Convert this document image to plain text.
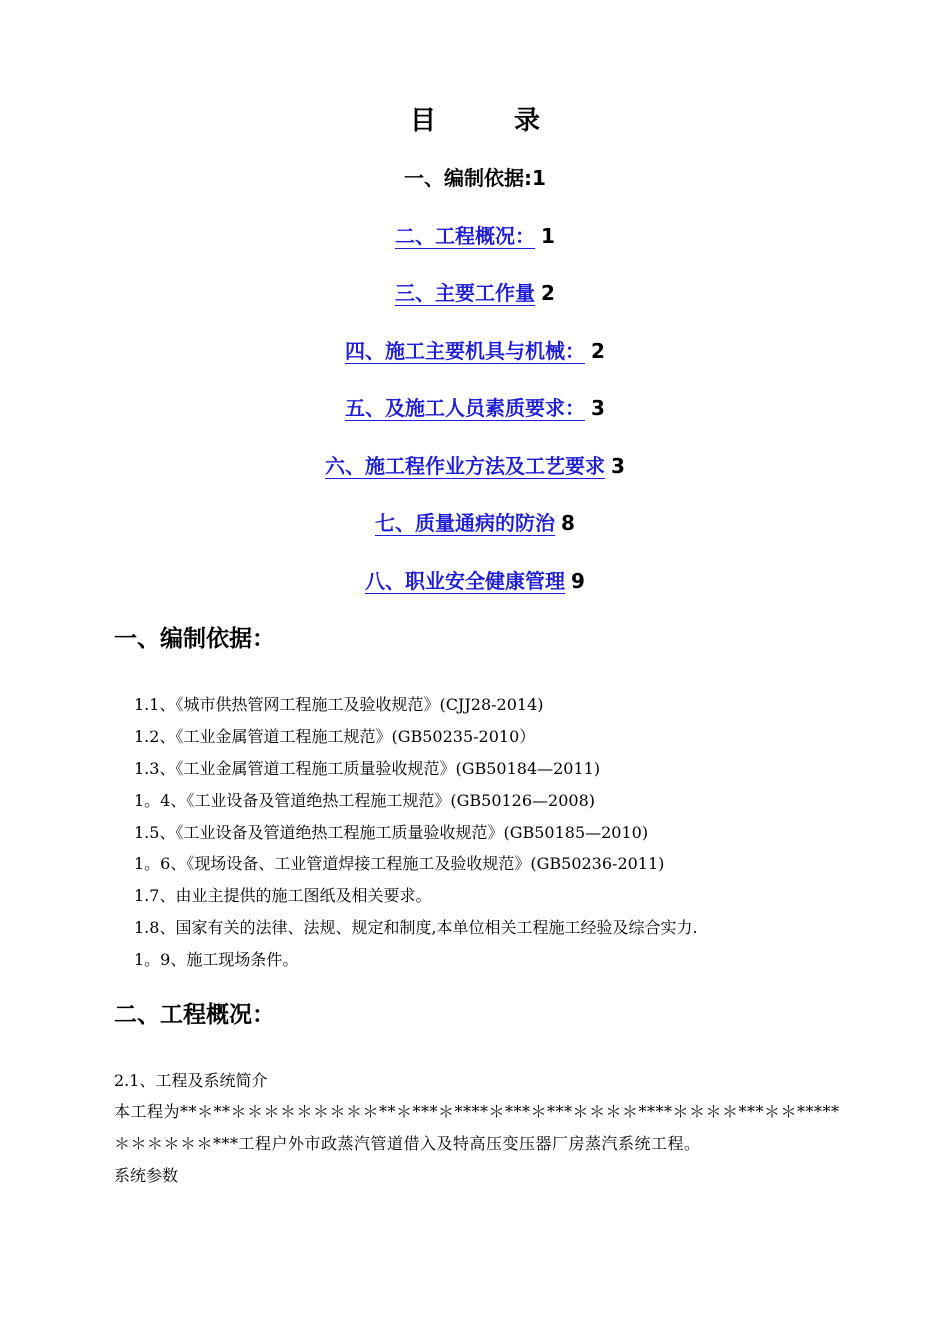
目	录
一、编制依据:1
二、工程概况： 1
三、主要工作量 2
四、施工主要机具与机械： 2
五、及施工人员素质要求： 3
六、施工程作业方法及工艺要求 3
七、质量通病的防治 8
八、职业安全健康管理 9
一、编制依据：
1.1、《城市供热管网工程施工及验收规范》(CJJ28-2014)
1.2、《工业金属管道工程施工规范》(GB50235-2010）
1.3、《工业金属管道工程施工质量验收规范》(GB50184—2011)
1。4、《工业设备及管道绝热工程施工规范》(GB50126—2008)
1.5、《工业设备及管道绝热工程施工质量验收规范》(GB50185—2010)
1。6、《现场设备、工业管道焊接工程施工及验收规范》(GB50236-2011)
1.7、由业主提供的施工图纸及相关要求。
1.8、国家有关的法律、法规、规定和制度,本单位相关工程施工经验及综合实力.
1。9、施工现场条件。
二、工程概况：

2.1、工程及系统简介

本工程为**＊**＊＊＊＊＊＊＊＊＊**＊***＊****＊***＊***＊＊＊＊****＊＊＊＊***＊＊*****

＊＊＊＊＊＊***工程户外市政蒸汽管道借入及特高压变压器厂房蒸汽系统工程。

系统参数
